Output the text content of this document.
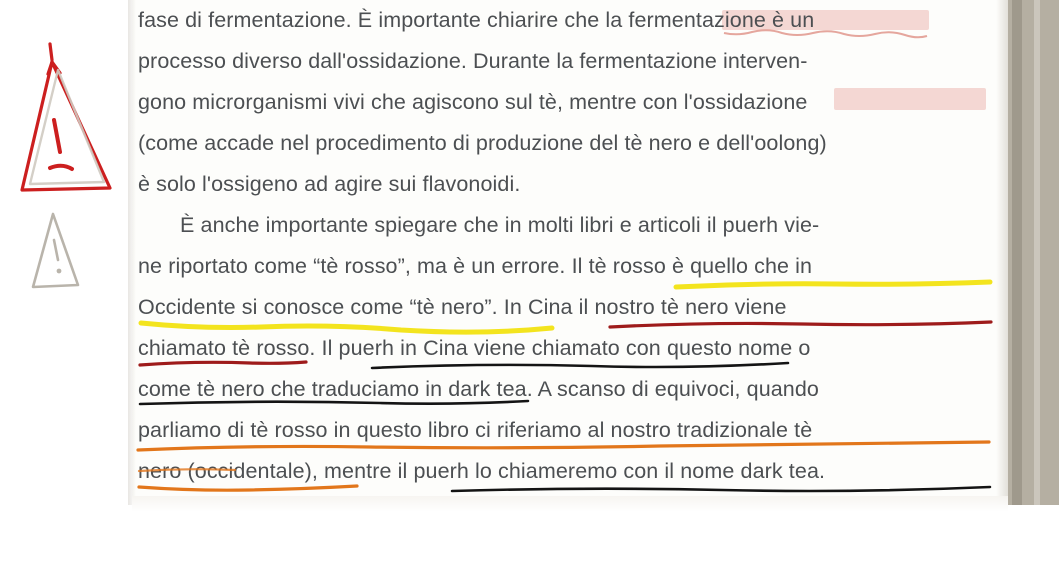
fase di fermentazione. È importante chiarire che la fermentazione è un
processo diverso dall'ossidazione. Durante la fermentazione interven-
gono microrganismi vivi che agiscono sul tè, mentre con l'ossidazione
(come accade nel procedimento di produzione del tè nero e dell'oolong)
è solo l'ossigeno ad agire sui flavonoidi.
È anche importante spiegare che in molti libri e articoli il puerh vie-
ne riportato come “tè rosso”, ma è un errore. Il tè rosso è quello che in
Occidente si conosce come “tè nero”. In Cina il nostro tè nero viene
chiamato tè rosso. Il puerh in Cina viene chiamato con questo nome o
come tè nero che traduciamo in dark tea. A scanso di equivoci, quando
parliamo di tè rosso in questo libro ci riferiamo al nostro tradizionale tè
nero (occidentale), mentre il puerh lo chiameremo con il nome dark tea.
